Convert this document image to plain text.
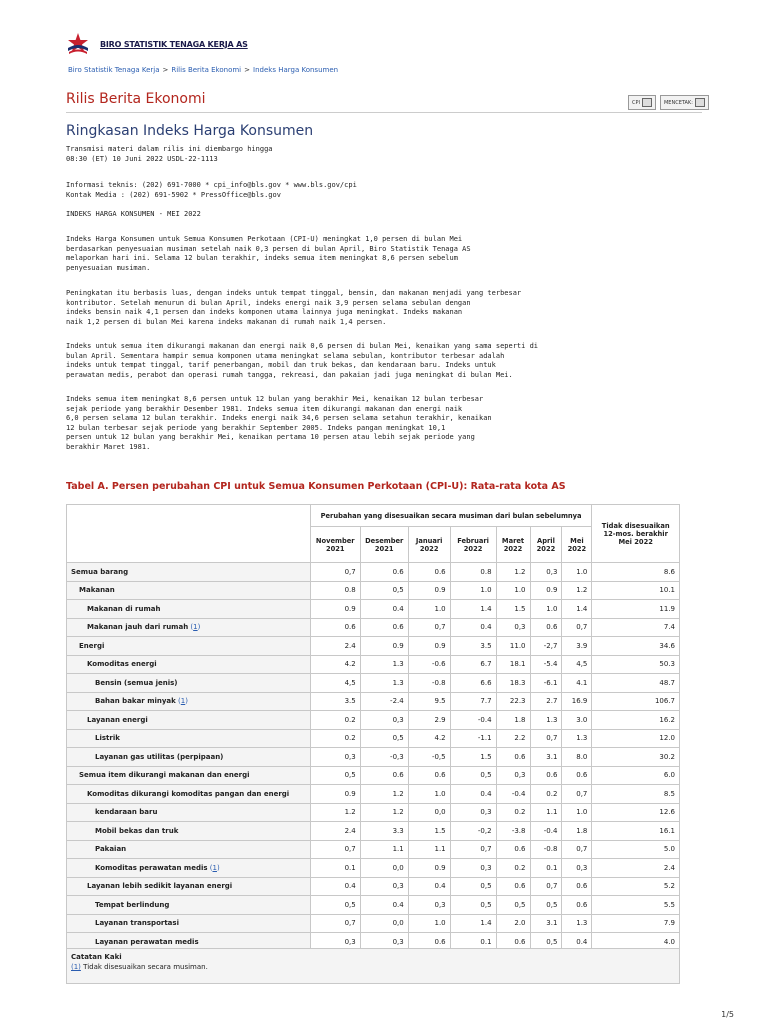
BIRO STATISTIK TENAGA KERJA AS
Biro Statistik Tenaga Kerja > Rilis Berita Ekonomi > Indeks Harga Konsumen
Rilis Berita Ekonomi	CPI	MENCETAK:
Ringkasan Indeks Harga Konsumen
Transmisi materi dalam rilis ini diembargo hingga
08:30 (ET) 10 Juni 2022 USDL-22-1113
Informasi teknis: (202) 691-7000 * cpi_info@bls.gov * www.bls.gov/cpi
Kontak Media : (202) 691-5902 * PressOffice@bls.gov
INDEKS HARGA KONSUMEN - MEI 2022
Indeks Harga Konsumen untuk Semua Konsumen Perkotaan (CPI-U) meningkat 1,0 persen di bulan Mei
berdasarkan penyesuaian musiman setelah naik 0,3 persen di bulan April, Biro Statistik Tenaga AS
melaporkan hari ini. Selama 12 bulan terakhir, indeks semua item meningkat 8,6 persen sebelum
penyesuaian musiman.
Peningkatan itu berbasis luas, dengan indeks untuk tempat tinggal, bensin, dan makanan menjadi yang terbesar
kontributor. Setelah menurun di bulan April, indeks energi naik 3,9 persen selama sebulan dengan
indeks bensin naik 4,1 persen dan indeks komponen utama lainnya juga meningkat. Indeks makanan
naik 1,2 persen di bulan Mei karena indeks makanan di rumah naik 1,4 persen.
Indeks untuk semua item dikurangi makanan dan energi naik 0,6 persen di bulan Mei, kenaikan yang sama seperti di
bulan April. Sementara hampir semua komponen utama meningkat selama sebulan, kontributor terbesar adalah
indeks untuk tempat tinggal, tarif penerbangan, mobil dan truk bekas, dan kendaraan baru. Indeks untuk
perawatan medis, perabot dan operasi rumah tangga, rekreasi, dan pakaian jadi juga meningkat di bulan Mei.
Indeks semua item meningkat 8,6 persen untuk 12 bulan yang berakhir Mei, kenaikan 12 bulan terbesar
sejak periode yang berakhir Desember 1981. Indeks semua item dikurangi makanan dan energi naik
6,0 persen selama 12 bulan terakhir. Indeks energi naik 34,6 persen selama setahun terakhir, kenaikan
12 bulan terbesar sejak periode yang berakhir September 2005. Indeks pangan meningkat 10,1
persen untuk 12 bulan yang berakhir Mei, kenaikan pertama 10 persen atau lebih sejak periode yang
berakhir Maret 1981.
Tabel A. Persen perubahan CPI untuk Semua Konsumen Perkotaan (CPI-U): Rata-rata kota AS
	Perubahan yang disesuaikan secara musiman dari bulan sebelumnya							Tidak disesuaikan 12-mos. berakhir Mei 2022
	November 2021	Desember 2021	Januari 2022	Februari 2022	Maret 2022	April 2022	Mei 2022	
Semua barang	0,7	0.6	0.6	0.8	1.2	0,3	1.0	8.6
Makanan	0.8	0,5	0.9	1.0	1.0	0.9	1.2	10.1
Makanan di rumah	0.9	0.4	1.0	1.4	1.5	1.0	1.4	11.9
Makanan jauh dari rumah (1)	0.6	0.6	0,7	0.4	0,3	0.6	0,7	7.4
Energi	2.4	0.9	0.9	3.5	11.0	-2,7	3.9	34.6
Komoditas energi	4.2	1.3	-0.6	6.7	18.1	-5.4	4,5	50.3
Bensin (semua jenis)	4,5	1.3	-0.8	6.6	18.3	-6.1	4.1	48.7
Bahan bakar minyak (1)	3.5	-2.4	9.5	7.7	22.3	2.7	16.9	106.7
Layanan energi	0.2	0,3	2.9	-0.4	1.8	1.3	3.0	16.2
Listrik	0.2	0,5	4.2	-1.1	2.2	0,7	1.3	12.0
Layanan gas utilitas (perpipaan)	0,3	-0,3	-0,5	1.5	0.6	3.1	8.0	30.2
Semua item dikurangi makanan dan energi	0,5	0.6	0.6	0,5	0,3	0.6	0.6	6.0
Komoditas dikurangi komoditas pangan dan energi	0.9	1.2	1.0	0.4	-0.4	0.2	0,7	8.5
kendaraan baru	1.2	1.2	0,0	0,3	0.2	1.1	1.0	12.6
Mobil bekas dan truk	2.4	3.3	1.5	-0,2	-3.8	-0.4	1.8	16.1
Pakaian	0,7	1.1	1.1	0,7	0.6	-0.8	0,7	5.0
Komoditas perawatan medis (1)	0.1	0,0	0.9	0,3	0.2	0.1	0,3	2.4
Layanan lebih sedikit layanan energi	0.4	0,3	0.4	0,5	0.6	0,7	0.6	5.2
Tempat berlindung	0,5	0.4	0,3	0,5	0,5	0,5	0.6	5.5
Layanan transportasi	0,7	0,0	1.0	1.4	2.0	3.1	1.3	7.9
Layanan perawatan medis	0,3	0,3	0.6	0.1	0.6	0,5	0.4	4.0
Catatan Kaki
(1) Tidak disesuaikan secara musiman.
1/5
